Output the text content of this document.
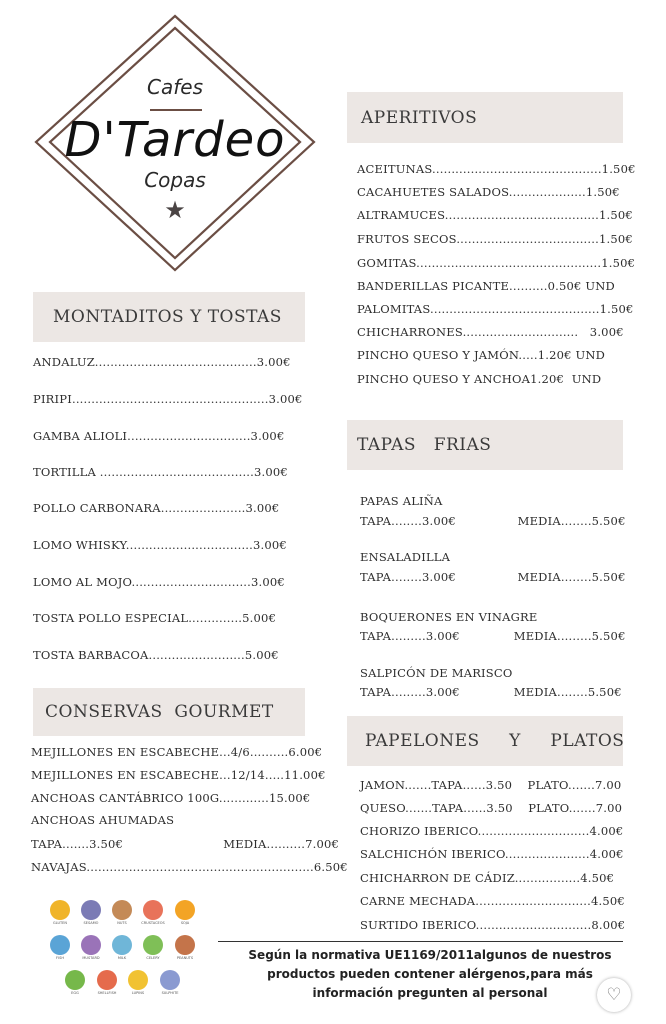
Cafes
D'Tardeo
Copas
★
MONTADITOS Y TOSTAS
ANDALUZ..........................................3.00€
PIRIPI...................................................3.00€
GAMBA ALIOLI................................3.00€
TORTILLA ........................................3.00€
POLLO CARBONARA......................3.00€
LOMO WHISKY.................................3.00€
LOMO AL MOJO...............................3.00€
TOSTA POLLO ESPECIAL..............5.00€
TOSTA BARBACOA.........................5.00€
CONSERVAS  GOURMET
MEJILLONES EN ESCABECHE...4/6..........6.00€
MEJILLONES EN ESCABECHE...12/14.....11.00€
ANCHOAS CANTÁBRICO 100G.............15.00€
ANCHOAS AHUMADAS
TAPA.......3.50€                          MEDIA..........7.00€
NAVAJAS...........................................................6.50€
APERITIVOS
ACEITUNAS............................................1.50€
CACAHUETES SALADOS....................1.50€
ALTRAMUCES........................................1.50€
FRUTOS SECOS.....................................1.50€
GOMITAS................................................1.50€
BANDERILLAS PICANTE..........0.50€ UND
PALOMITAS............................................1.50€
CHICHARRONES..............................   3.00€
PINCHO QUESO Y JAMÓN.....1.20€ UND
PINCHO QUESO Y ANCHOA1.20€  UND
TAPAS   FRIAS
PAPAS ALIÑA
TAPA........3.00€                MEDIA........5.50€
ENSALADILLA
TAPA........3.00€                MEDIA........5.50€
BOQUERONES EN VINAGRE
TAPA.........3.00€              MEDIA.........5.50€
SALPICÓN DE MARISCO
TAPA.........3.00€              MEDIA........5.50€
PAPELONES     Y     PLATOS
JAMON.......TAPA......3.50    PLATO.......7.00
QUESO.......TAPA......3.50    PLATO.......7.00
CHORIZO IBERICO.............................4.00€
SALCHICHÓN IBERICO......................4.00€
CHICHARRON DE CÁDIZ.................4.50€
CARNE MECHADA..............................4.50€
SURTIDO IBERICO..............................8.00€
GLUTEN	SESAMO	NUTS	CRUSTACEOS	SOJA
FISH	MUSTARD	MILK	CELERY	PEANUTS
EGG	SHELLFISH	LUPINS	SULPHITE
Según la normativa UE1169/2011algunos de nuestros
productos pueden contener alérgenos,para más
información pregunten al personal	♡
